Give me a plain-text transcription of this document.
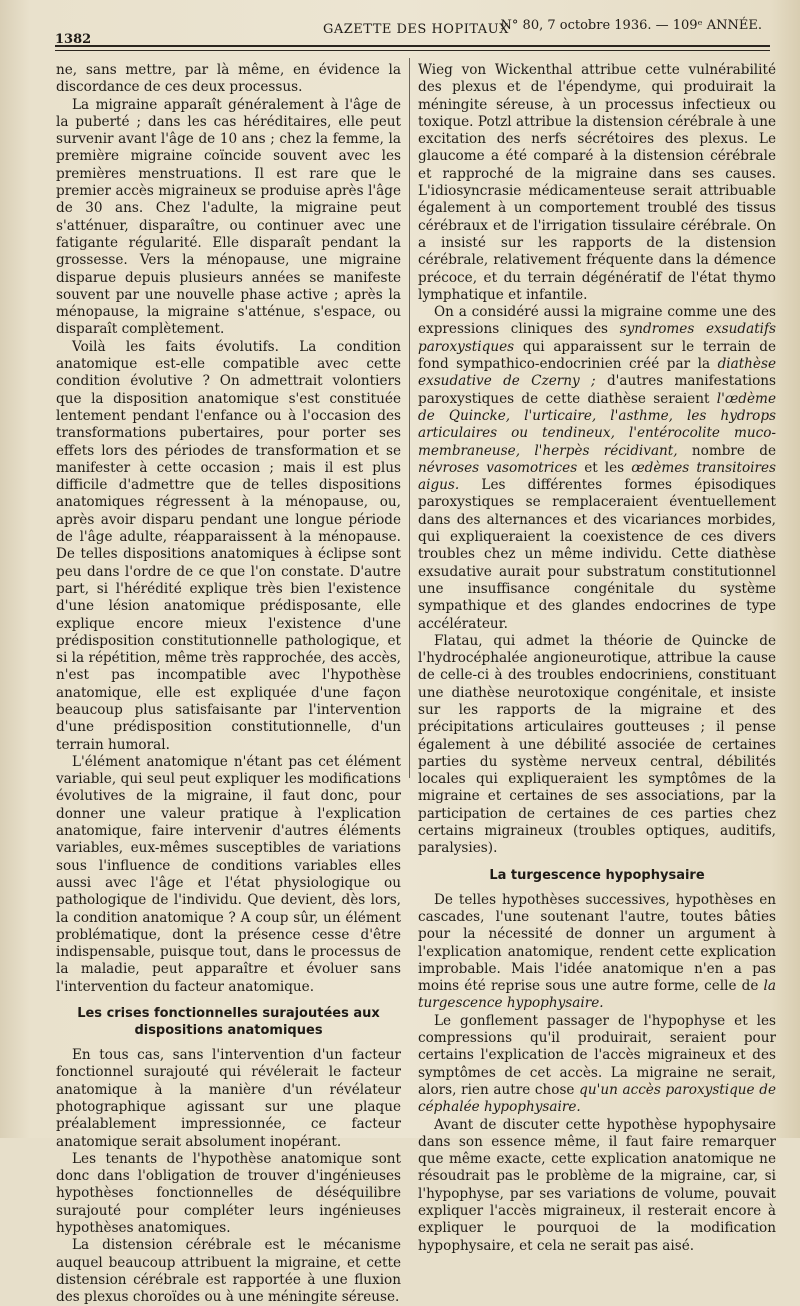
1382
GAZETTE DES HOPITAUX
N° 80, 7 octobre 1936. — 109ᵉ ANNÉE.

ne, sans mettre, par là même, en évidence la discordance de ces deux processus.

La migraine apparaît généralement à l'âge de la puberté ; dans les cas héréditaires, elle peut survenir avant l'âge de 10 ans ; chez la femme, la première migraine coïncide souvent avec les premières menstruations. Il est rare que le premier accès migraineux se produise après l'âge de 30 ans. Chez l'adulte, la migraine peut s'atténuer, disparaître, ou continuer avec une fatigante régularité. Elle disparaît pendant la grossesse. Vers la ménopause, une migraine disparue depuis plusieurs années se manifeste souvent par une nouvelle phase active ; après la ménopause, la migraine s'atténue, s'espace, ou disparaît complètement.

Voilà les faits évolutifs. La condition anatomique est-elle compatible avec cette condition évolutive ? On admettrait volontiers que la disposition anatomique s'est constituée lentement pendant l'enfance ou à l'occasion des transformations pubertaires, pour porter ses effets lors des périodes de transformation et se manifester à cette occasion ; mais il est plus difficile d'admettre que de telles dispositions anatomiques régressent à la ménopause, ou, après avoir disparu pendant une longue période de l'âge adulte, réapparaissent à la ménopause. De telles dispositions anatomiques à éclipse sont peu dans l'ordre de ce que l'on constate. D'autre part, si l'hérédité explique très bien l'existence d'une lésion anatomique prédisposante, elle explique encore mieux l'existence d'une prédisposition constitutionnelle pathologique, et si la répétition, même très rapprochée, des accès, n'est pas incompatible avec l'hypothèse anatomique, elle est expliquée d'une façon beaucoup plus satisfaisante par l'intervention d'une prédisposition constitutionnelle, d'un terrain humoral.

L'élément anatomique n'étant pas cet élément variable, qui seul peut expliquer les modifications évolutives de la migraine, il faut donc, pour donner une valeur pratique à l'explication anatomique, faire intervenir d'autres éléments variables, eux-mêmes susceptibles de variations sous l'influence de conditions variables elles aussi avec l'âge et l'état physiologique ou pathologique de l'individu. Que devient, dès lors, la condition anatomique ? A coup sûr, un élément problématique, dont la présence cesse d'être indispensable, puisque tout, dans le processus de la maladie, peut apparaître et évoluer sans l'intervention du facteur anatomique.

Les crises fonctionnelles surajoutées aux dispositions anatomiques

En tous cas, sans l'intervention d'un facteur fonctionnel surajouté qui révélerait le facteur anatomique à la manière d'un révélateur photographique agissant sur une plaque préalablement impressionnée, ce facteur anatomique serait absolument inopérant.

Les tenants de l'hypothèse anatomique sont donc dans l'obligation de trouver d'ingénieuses hypothèses fonctionnelles de déséquilibre surajouté pour compléter leurs ingénieuses hypothèses anatomiques.

La distension cérébrale est le mécanisme auquel beaucoup attribuent la migraine, et cette distension cérébrale est rapportée à une fluxion des plexus choroïdes ou à une méningite séreuse.

Wieg von Wickenthal attribue cette vulnérabilité des plexus et de l'épendyme, qui produirait la méningite séreuse, à un processus infectieux ou toxique. Potzl attribue la distension cérébrale à une excitation des nerfs sécrétoires des plexus. Le glaucome a été comparé à la distension cérébrale et rapproché de la migraine dans ses causes. L'idiosyncrasie médicamenteuse serait attribuable également à un comportement troublé des tissus cérébraux et de l'irrigation tissulaire cérébrale. On a insisté sur les rapports de la distension cérébrale, relativement fréquente dans la démence précoce, et du terrain dégénératif de l'état thymo lymphatique et infantile.

On a considéré aussi la migraine comme une des expressions cliniques des syndromes exsudatifs paroxystiques qui apparaissent sur le terrain de fond sympathico-endocrinien créé par la diathèse exsudative de Czerny ; d'autres manifestations paroxystiques de cette diathèse seraient l'œdème de Quincke, l'urticaire, l'asthme, les hydrops articulaires ou tendineux, l'entérocolite muco-membraneuse, l'herpès récidivant, nombre de névroses vasomotrices et les œdèmes transitoires aigus. Les différentes formes épisodiques paroxystiques se remplaceraient éventuellement dans des alternances et des vicariances morbides, qui expliqueraient la coexistence de ces divers troubles chez un même individu. Cette diathèse exsudative aurait pour substratum constitutionnel une insuffisance congénitale du système sympathique et des glandes endocrines de type accélérateur.

Flatau, qui admet la théorie de Quincke de l'hydrocéphalée angioneurotique, attribue la cause de celle-ci à des troubles endocriniens, constituant une diathèse neurotoxique congénitale, et insiste sur les rapports de la migraine et des précipitations articulaires goutteuses ; il pense également à une débilité associée de certaines parties du système nerveux central, débilités locales qui expliqueraient les symptômes de la migraine et certaines de ses associations, par la participation de certaines de ces parties chez certains migraineux (troubles optiques, auditifs, paralysies).

La turgescence hypophysaire

De telles hypothèses successives, hypothèses en cascades, l'une soutenant l'autre, toutes bâties pour la nécessité de donner un argument à l'explication anatomique, rendent cette explication improbable. Mais l'idée anatomique n'en a pas moins été reprise sous une autre forme, celle de la turgescence hypophysaire.

Le gonflement passager de l'hypophyse et les compressions qu'il produirait, seraient pour certains l'explication de l'accès migraineux et des symptômes de cet accès. La migraine ne serait, alors, rien autre chose qu'un accès paroxystique de céphalée hypophysaire.

Avant de discuter cette hypothèse hypophysaire dans son essence même, il faut faire remarquer que même exacte, cette explication anatomique ne résoudrait pas le problème de la migraine, car, si l'hypophyse, par ses variations de volume, pouvait expliquer l'accès migraineux, il resterait encore à expliquer le pourquoi de la modification hypophysaire, et cela ne serait pas aisé.
